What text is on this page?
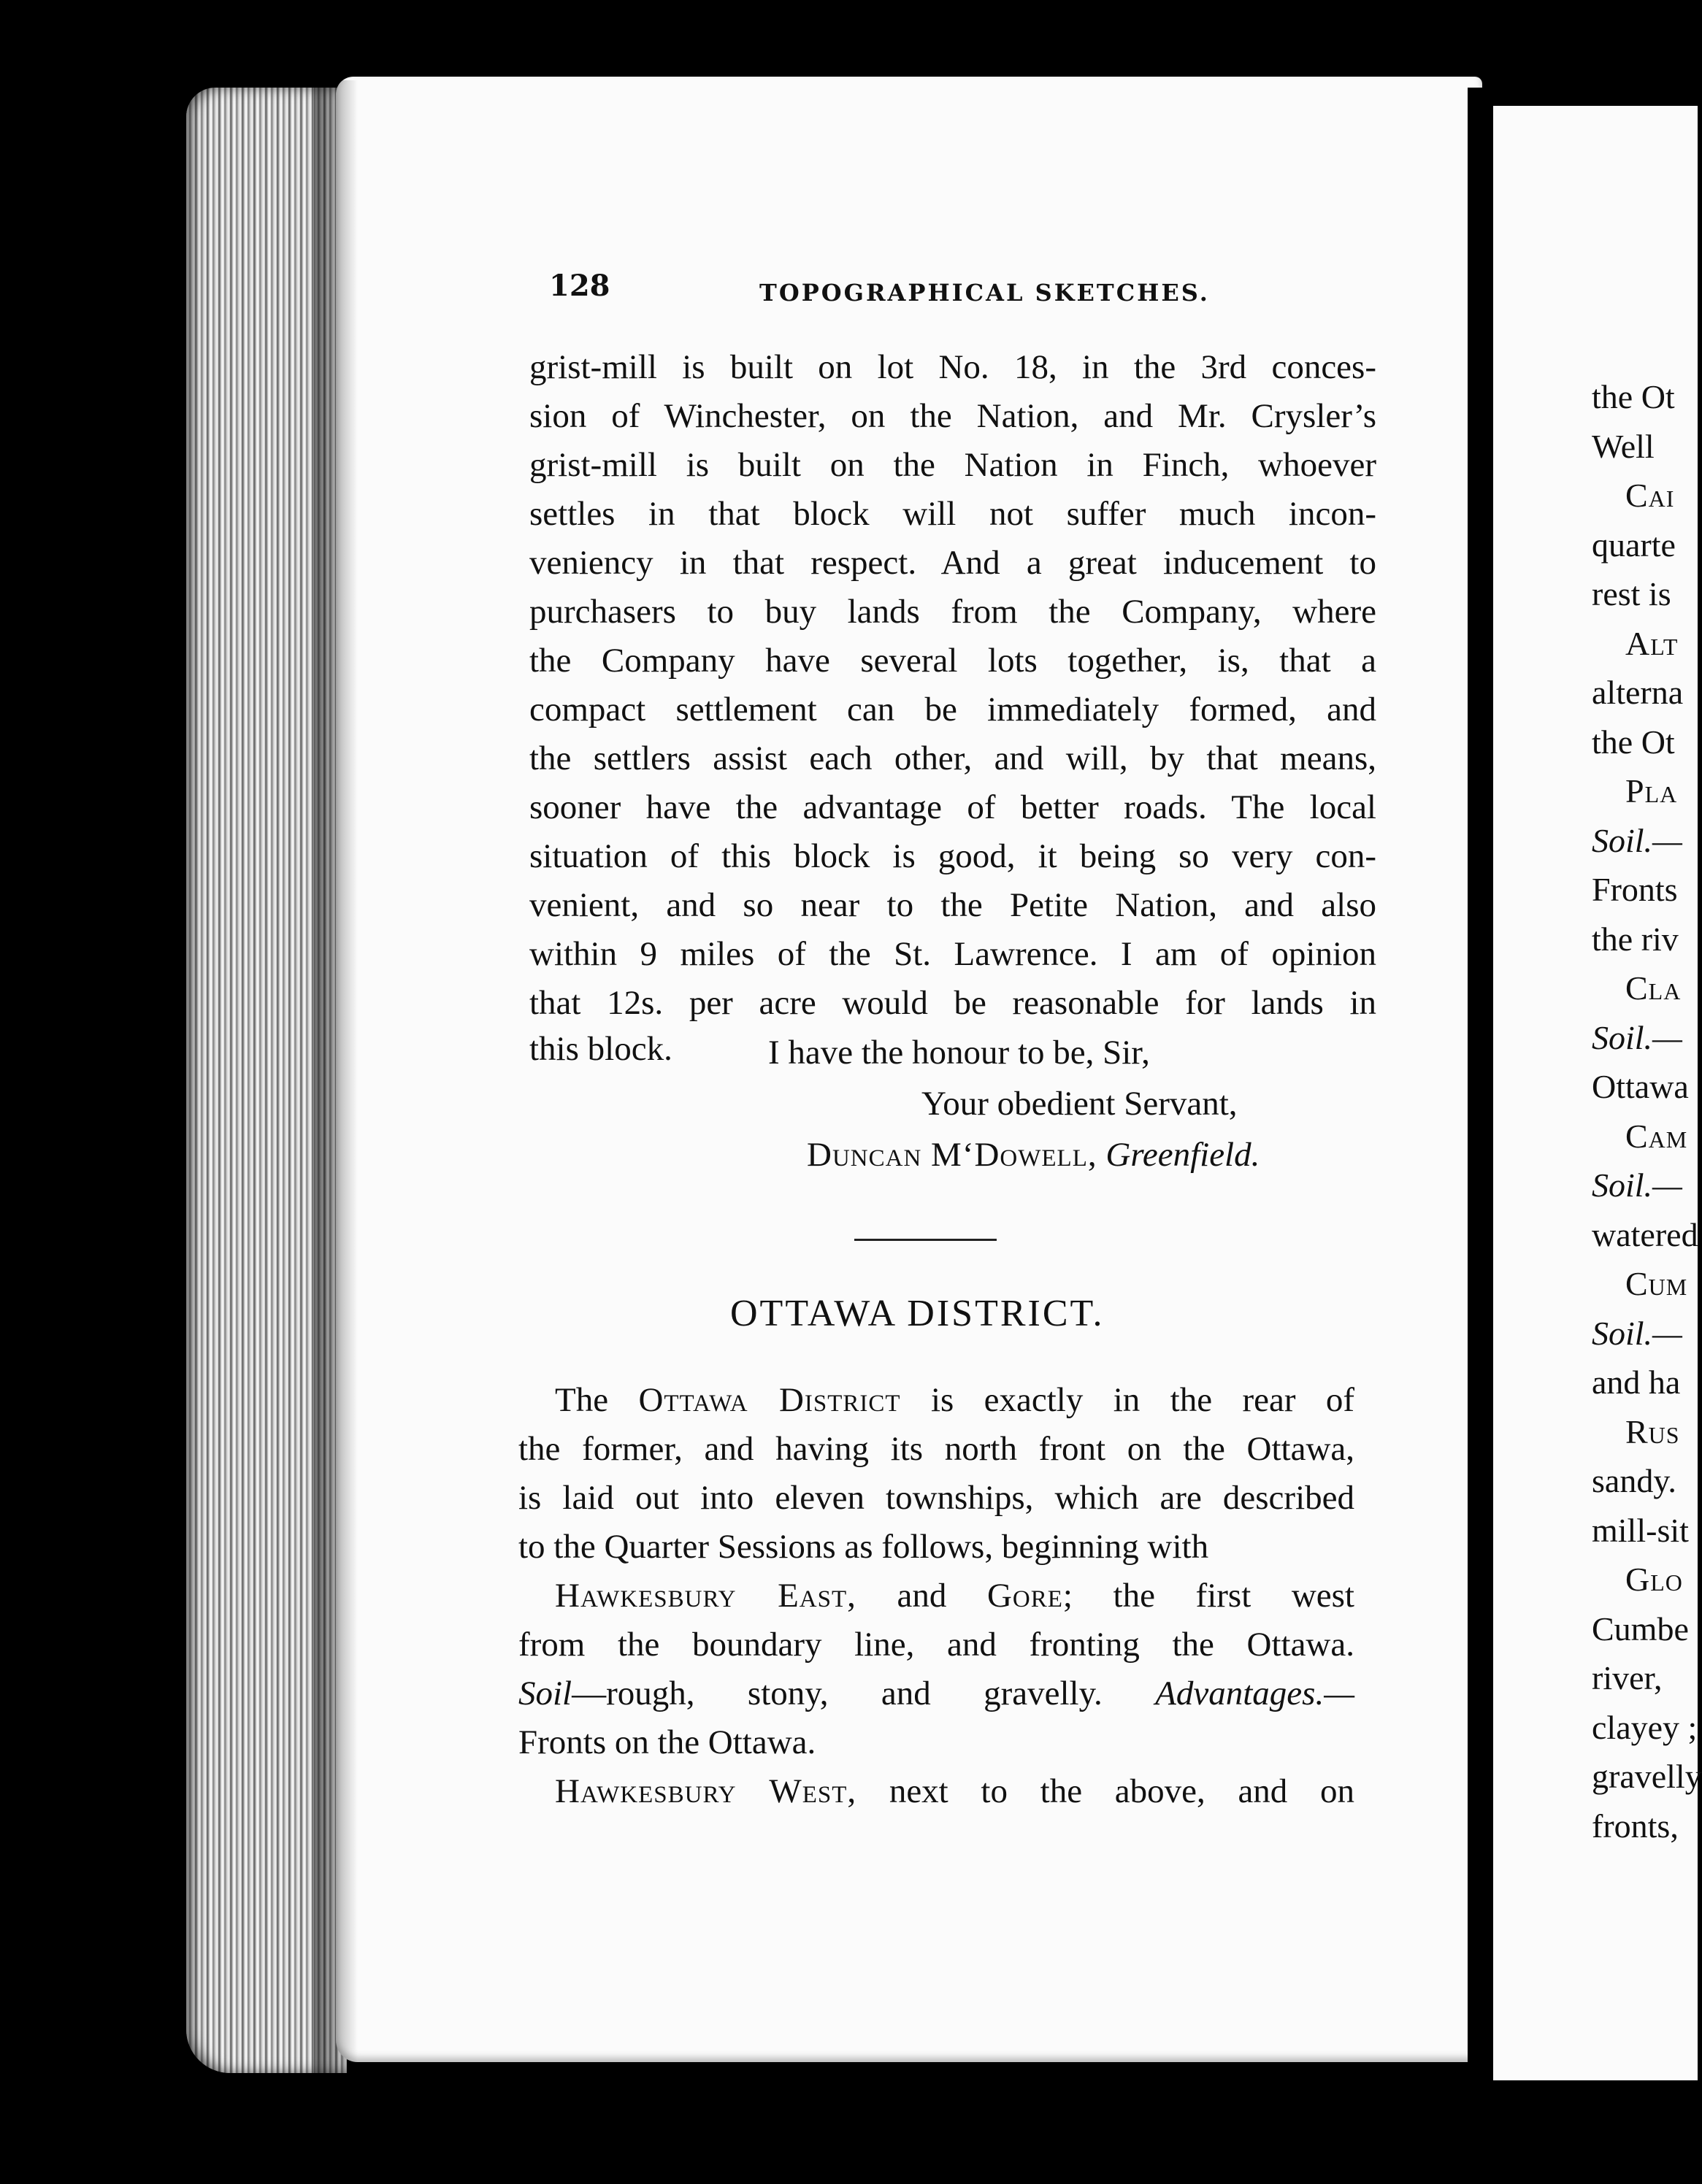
128	TOPOGRAPHICAL SKETCHES.
grist-mill is built on lot No. 18, in the 3rd conces-
sion of Winchester, on the Nation, and Mr. Crysler’s
grist-mill is built on the Nation in Finch, whoever
settles in that block will not suffer much incon-
veniency in that respect. And a great inducement to
purchasers to buy lands from the Company, where
the Company have several lots together, is, that a
compact settlement can be immediately formed, and
the settlers assist each other, and will, by that means,
sooner have the advantage of better roads. The local
situation of this block is good, it being so very con-
venient, and so near to the Petite Nation, and also
within 9 miles of the St. Lawrence. I am of opinion
that 12s. per acre would be reasonable for lands in
this block.	I have the honour to be, Sir,
Your obedient Servant,
Duncan M‘Dowell, Greenfield.
OTTAWA DISTRICT.
The Ottawa District is exactly in the rear of
the former, and having its north front on the Ottawa,
is laid out into eleven townships, which are described
to the Quarter Sessions as follows, beginning with
Hawkesbury East, and Gore; the first west
from the boundary line, and fronting the Ottawa.
Soil—rough, stony, and gravelly. Advantages.—
Fronts on the Ottawa.
Hawkesbury West, next to the above, and on
the Ot
Well
Cai
quarte
rest is
Alt
alterna
the Ot
Pla
Soil.—
Fronts
the riv
Cla
Soil.—
Ottawa
Cam
Soil.—
watered
Cum
Soil.—
and ha
Rus
sandy.
mill-sit
Glo
Cumbe
river,
clayey ;
gravelly
fronts,
